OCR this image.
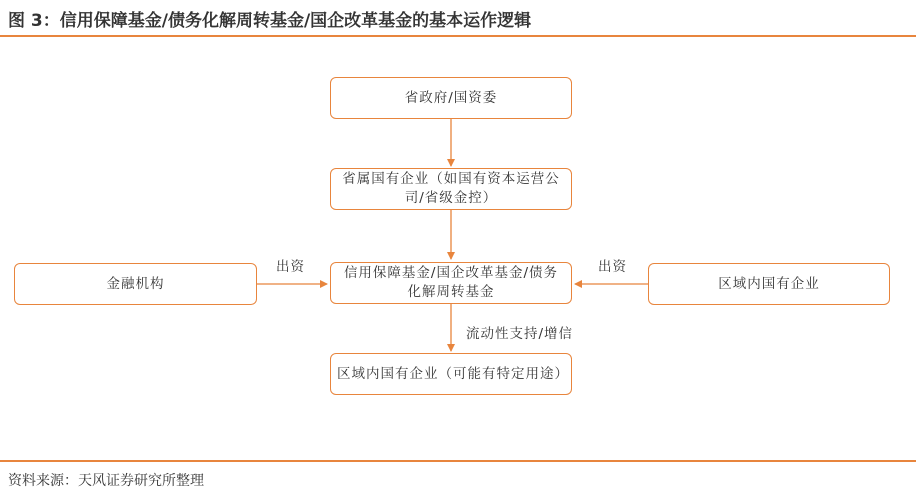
图 3：信用保障基金/债务化解周转基金/国企改革基金的基本运作逻辑
省政府/国资委
省属国有企业（如国有资本运营公司/省级金控）
信用保障基金/国企改革基金/债务化解周转基金
金融机构	区域内国有企业
区域内国有企业（可能有特定用途）
出资	出资
流动性支持/增信
资料来源：天风证券研究所整理
